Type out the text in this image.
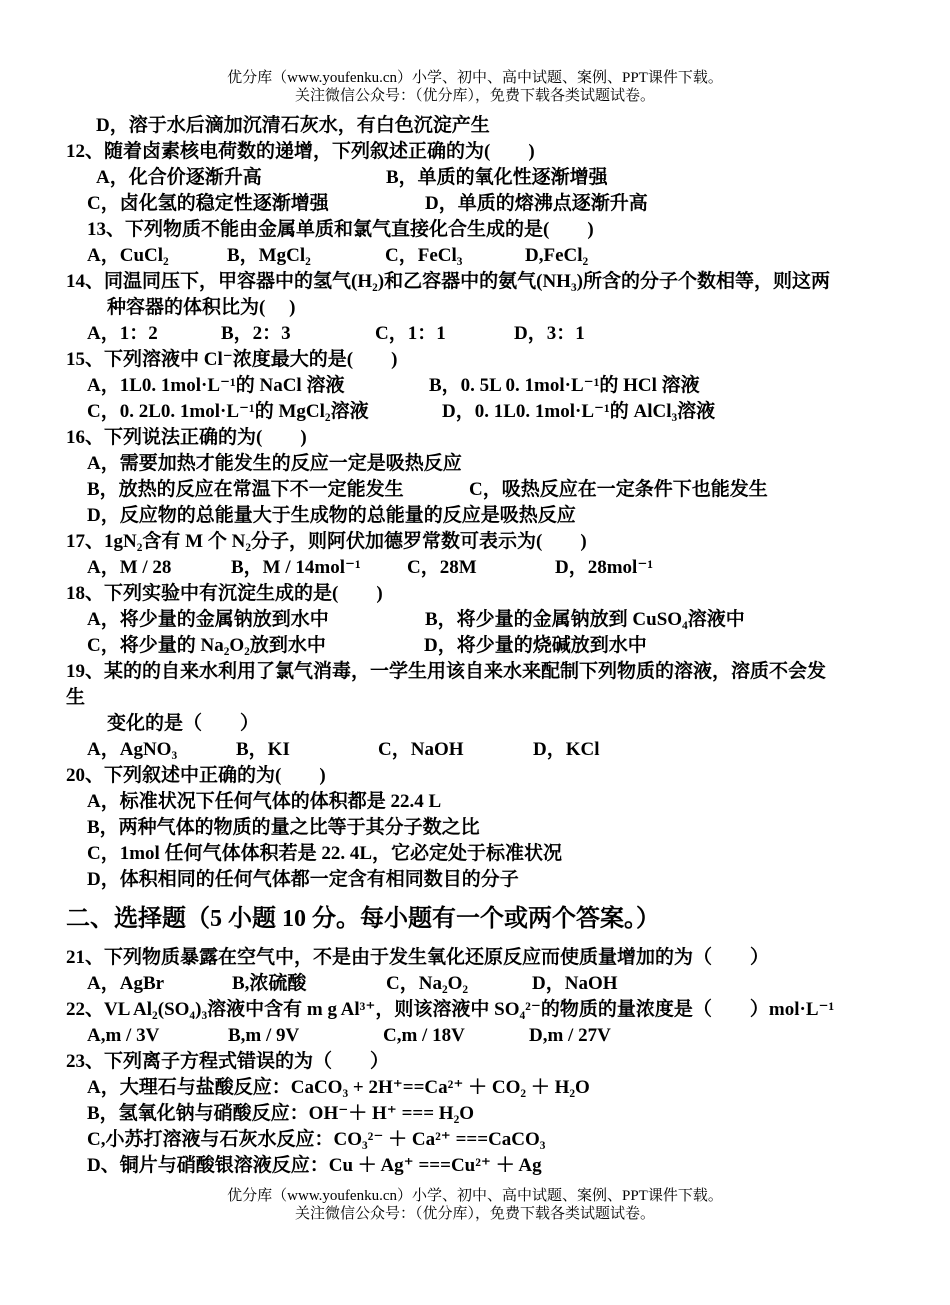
优分库（www.youfenku.cn）小学、初中、高中试题、案例、PPT课件下载。
关注微信公众号：（优分库），免费下载各类试题试卷。
D，溶于水后滴加沉清石灰水，有白色沉淀产生
12、随着卤素核电荷数的递增，下列叙述正确的为(　　)
A，化合价逐渐升高	B，单质的氧化性逐渐增强
C，卤化氢的稳定性逐渐增强	D，单质的熔沸点逐渐升高
13、下列物质不能由金属单质和氯气直接化合生成的是(　　)
A，CuCl₂	B，MgCl₂	C，FeCl₃	D,FeCl₂
14、同温同压下，甲容器中的氢气(H₂)和乙容器中的氨气(NH₃)所含的分子个数相等，则这两
种容器的体积比为(　 )
A，1：2	B，2：3	C，1：1	D，3：1
15、下列溶液中 Cl⁻浓度最大的是(　　)
A，1L0. 1mol·L⁻¹的 NaCl 溶液	B，0. 5L 0. 1mol·L⁻¹的 HCl 溶液
C，0. 2L0. 1mol·L⁻¹的 MgCl₂溶液	D，0. 1L0. 1mol·L⁻¹的 AlCl₃溶液
16、下列说法正确的为(　　)
A，需要加热才能发生的反应一定是吸热反应
B，放热的反应在常温下不一定能发生	C，吸热反应在一定条件下也能发生
D，反应物的总能量大于生成物的总能量的反应是吸热反应
17、1gN₂含有 M 个 N₂分子，则阿伏加德罗常数可表示为(　　)
A，M / 28	B，M / 14mol⁻¹ C，28M	D，28mol⁻¹
18、下列实验中有沉淀生成的是(　　)
A，将少量的金属钠放到水中	B，将少量的金属钠放到 CuSO₄溶液中
C，将少量的 Na₂O₂放到水中	D，将少量的烧碱放到水中
19、某的的自来水利用了氯气消毒，一学生用该自来水来配制下列物质的溶液，溶质不会发
生
变化的是（　　）
A，AgNO₃	B，KI	C，NaOH	D，KCl
20、下列叙述中正确的为(　　)
A，标准状况下任何气体的体积都是 22.4 L
B，两种气体的物质的量之比等于其分子数之比
C，1mol 任何气体体积若是 22. 4L，它必定处于标准状况
D，体积相同的任何气体都一定含有相同数目的分子
二、选择题（5 小题 10 分。每小题有一个或两个答案。）
21、下列物质暴露在空气中，不是由于发生氧化还原反应而使质量增加的为（　　）
A，AgBr	B,浓硫酸	C，Na₂O₂	D，NaOH
22、VL Al₂(SO₄)₃溶液中含有 m g Al³⁺，则该溶液中 SO₄²⁻的物质的量浓度是（　　）mol·L⁻¹
A,m / 3V	B,m / 9V	C,m / 18V	D,m / 27V
23、下列离子方程式错误的为（　　）
A，大理石与盐酸反应：CaCO₃ + 2H⁺==Ca²⁺ ＋ CO₂ ＋ H₂O
B，氢氧化钠与硝酸反应：OH⁻＋ H⁺ === H₂O
C,小苏打溶液与石灰水反应：CO₃²⁻ ＋ Ca²⁺ ===CaCO₃
D、铜片与硝酸银溶液反应：Cu ＋ Ag⁺ ===Cu²⁺ ＋ Ag
优分库（www.youfenku.cn）小学、初中、高中试题、案例、PPT课件下载。
关注微信公众号：（优分库），免费下载各类试题试卷。
